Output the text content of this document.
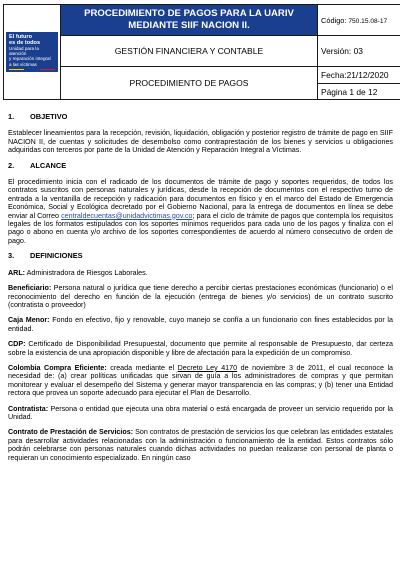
El futuro
es de todos
Unidad para la atención
y reparación integral
a las víctimas	PROCEDIMIENTO DE PAGOS PARA LA UARIV MEDIANTE SIIF NACION II.	Código: 750.15.08-17
	GESTIÓN FINANCIERA Y CONTABLE	Versión: 03
	PROCEDIMIENTO DE PAGOS	Fecha:21/12/2020
		Página 1 de 12
1. OBJETIVO

Establecer lineamientos para la recepción, revisión, liquidación, obligación y posterior registro de trámite de pago en SIIF NACION II, de cuentas y solicitudes de desembolso como contraprestación de los bienes y servicios u obligaciones adquiridas con terceros por parte de la Unidad de Atención y Reparación Integral a Víctimas.

2. ALCANCE

El procedimiento inicia con el radicado de los documentos de trámite de pago y soportes requeridos, de todos los contratos suscritos con personas naturales y jurídicas, desde la recepción de documentos con el respectivo turno de entrada a la ventanilla de recepción y radicación para documentos en físico y en el marco del Estado de Emergencia Económica, Social y Ecológica decretado por el Gobierno Nacional, para la entrega de documentos en línea se debe enviar al Correo centraldecuentas@unidadvictimas.gov.co; para el ciclo de trámite de pagos que contempla los requisitos legales de los formatos estipulados con los soportes mínimos requeridos para cada uno de los pagos y finaliza con el pago o abono en cuenta y/o archivo de los soportes correspondientes de acuerdo al número consecutivo de orden de pago.

3. DEFINICIONES

ARL: Administradora de Riesgos Laborales.

Beneficiario: Persona natural o jurídica que tiene derecho a percibir ciertas prestaciones económicas (funcionario) o el reconocimiento del derecho en función de la ejecución (entrega de bienes y/o servicios) de un contrato suscrito (contratista o proveedor)

Caja Menor: Fondo en efectivo, fijo y renovable, cuyo manejo se confía a un funcionario con fines establecidos por la entidad.

CDP: Certificado de Disponibilidad Presupuestal, documento que permite al responsable de Presupuesto, dar certeza sobre la existencia de una apropiación disponible y libre de afectación para la expedición de un compromiso.

Colombia Compra Eficiente: creada mediante el Decreto Ley 4170 de noviembre 3 de 2011, el cual reconoce la necesidad de: (a) crear políticas unificadas que sirvan de guía a los administradores de compras y que permitan monitorear y evaluar el desempeño del Sistema y generar mayor transparencia en las compras; y (b) tener una Entidad rectora que provea un soporte adecuado para ejecutar el Plan de Desarrollo.

Contratista: Persona o entidad que ejecuta una obra material o está encargada de proveer un servicio requerido por la Unidad.

Contrato de Prestación de Servicios: Son contratos de prestación de servicios los que celebran las entidades estatales para desarrollar actividades relacionadas con la administración o funcionamiento de la entidad. Estos contratos sólo podrán celebrarse con personas naturales cuando dichas actividades no puedan realizarse con personal de planta o requieran un conocimiento especializado. En ningún caso
